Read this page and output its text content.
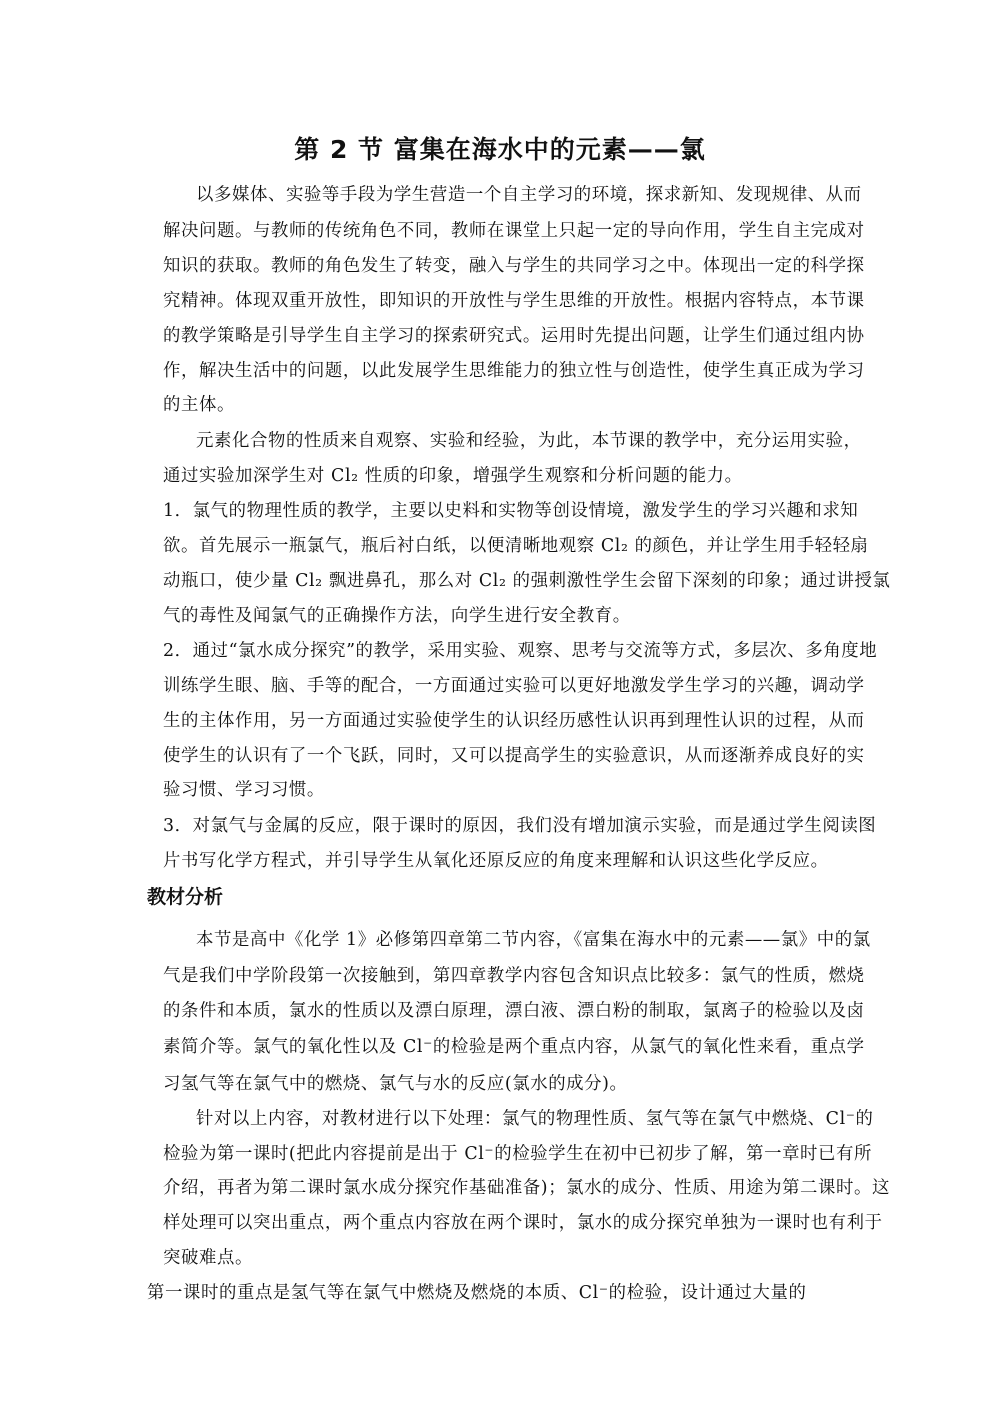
第 2 节 富集在海水中的元素——氯
以多媒体、实验等手段为学生营造一个自主学习的环境，探求新知、发现规律、从而
解决问题。与教师的传统角色不同，教师在课堂上只起一定的导向作用，学生自主完成对
知识的获取。教师的角色发生了转变，融入与学生的共同学习之中。体现出一定的科学探
究精神。体现双重开放性，即知识的开放性与学生思维的开放性。根据内容特点，本节课
的教学策略是引导学生自主学习的探索研究式。运用时先提出问题，让学生们通过组内协
作，解决生活中的问题，以此发展学生思维能力的独立性与创造性，使学生真正成为学习
的主体。
元素化合物的性质来自观察、实验和经验，为此，本节课的教学中，充分运用实验，
通过实验加深学生对 Cl₂ 性质的印象，增强学生观察和分析问题的能力。
1．氯气的物理性质的教学，主要以史料和实物等创设情境，激发学生的学习兴趣和求知
欲。首先展示一瓶氯气，瓶后衬白纸，以便清晰地观察 Cl₂ 的颜色，并让学生用手轻轻扇
动瓶口，使少量 Cl₂ 飘进鼻孔，那么对 Cl₂ 的强刺激性学生会留下深刻的印象；通过讲授氯
气的毒性及闻氯气的正确操作方法，向学生进行安全教育。
2．通过“氯水成分探究”的教学，采用实验、观察、思考与交流等方式，多层次、多角度地
训练学生眼、脑、手等的配合，一方面通过实验可以更好地激发学生学习的兴趣，调动学
生的主体作用，另一方面通过实验使学生的认识经历感性认识再到理性认识的过程，从而
使学生的认识有了一个飞跃，同时，又可以提高学生的实验意识，从而逐渐养成良好的实
验习惯、学习习惯。
3．对氯气与金属的反应，限于课时的原因，我们没有增加演示实验，而是通过学生阅读图
片书写化学方程式，并引导学生从氧化还原反应的角度来理解和认识这些化学反应。
教材分析
本节是高中《化学 1》必修第四章第二节内容，《富集在海水中的元素——氯》中的氯
气是我们中学阶段第一次接触到，第四章教学内容包含知识点比较多：氯气的性质，燃烧
的条件和本质，氯水的性质以及漂白原理，漂白液、漂白粉的制取，氯离子的检验以及卤
素简介等。氯气的氧化性以及 Cl⁻的检验是两个重点内容，从氯气的氧化性来看，重点学
习氢气等在氯气中的燃烧、氯气与水的反应(氯水的成分)。
针对以上内容，对教材进行以下处理：氯气的物理性质、氢气等在氯气中燃烧、Cl⁻的
检验为第一课时(把此内容提前是出于 Cl⁻的检验学生在初中已初步了解，第一章时已有所
介绍，再者为第二课时氯水成分探究作基础准备)；氯水的成分、性质、用途为第二课时。这
样处理可以突出重点，两个重点内容放在两个课时，氯水的成分探究单独为一课时也有利于
突破难点。
第一课时的重点是氢气等在氯气中燃烧及燃烧的本质、Cl⁻的检验，设计通过大量的
